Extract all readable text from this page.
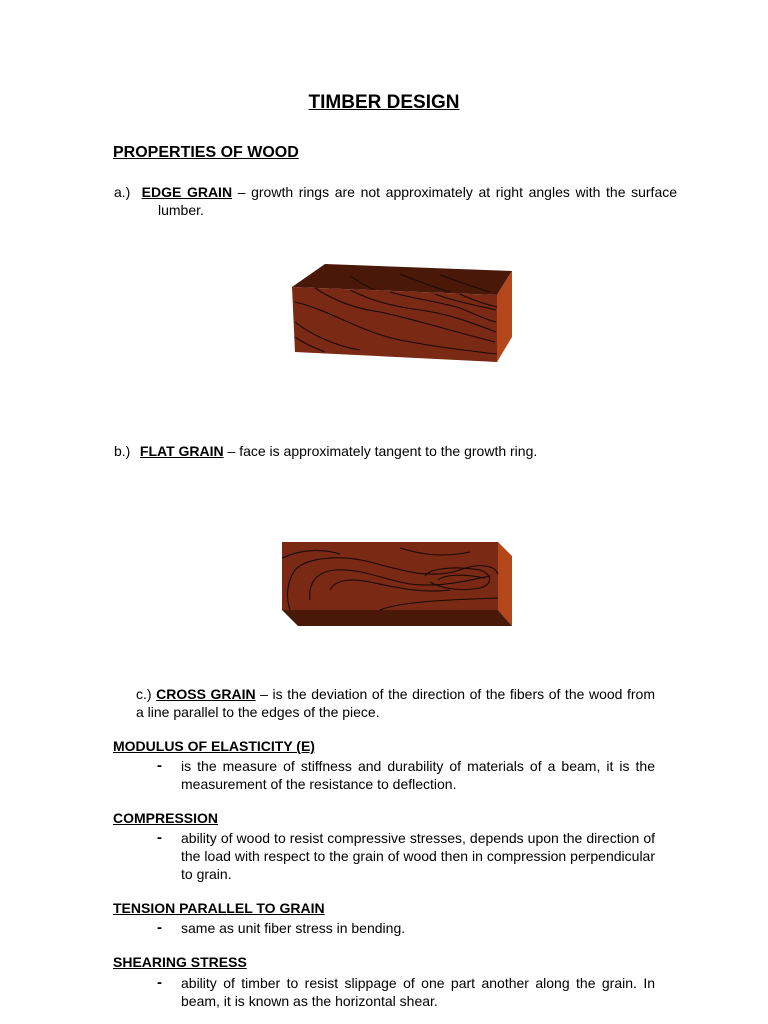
TIMBER DESIGN
PROPERTIES OF WOOD
a.) EDGE GRAIN – growth rings are not approximately at right angles with the surface lumber.
b.) FLAT GRAIN – face is approximately tangent to the growth ring.
c.) CROSS GRAIN – is the deviation of the direction of the fibers of the wood from a line parallel to the edges of the piece.
MODULUS OF ELASTICITY (E)
- is the measure of stiffness and durability of materials of a beam, it is the measurement of the resistance to deflection.
COMPRESSION
- ability of wood to resist compressive stresses, depends upon the direction of the load with respect to the grain of wood then in compression perpendicular to grain.
TENSION PARALLEL TO GRAIN
- same as unit fiber stress in bending.
SHEARING STRESS
- ability of timber to resist slippage of one part another along the grain. In beam, it is known as the horizontal shear.
